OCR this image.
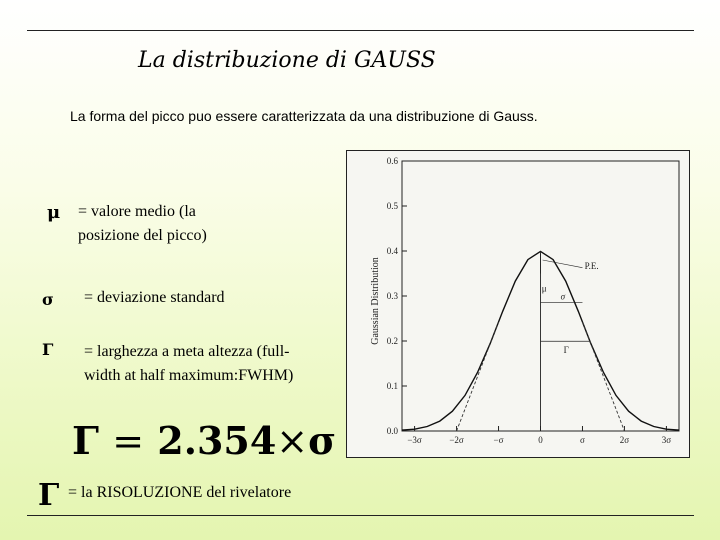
La distribuzione di GAUSS
La forma del picco puo essere caratterizzata da una distribuzione di Gauss.
μ = valore medio (la
posizione del picco)
σ = deviazione standard
Γ = larghezza a meta altezza (full-
width at half maximum:FWHM)
Γ = 2.354×σ
Γ = la RISOLUZIONE del rivelatore
0.0
0.1
0.2
0.3
0.4
0.5
0.6
−3σ	−2σ	−σ	0	σ	2σ	3σ
P.E.
μ
σ
Γ
Gaussian Distribution
